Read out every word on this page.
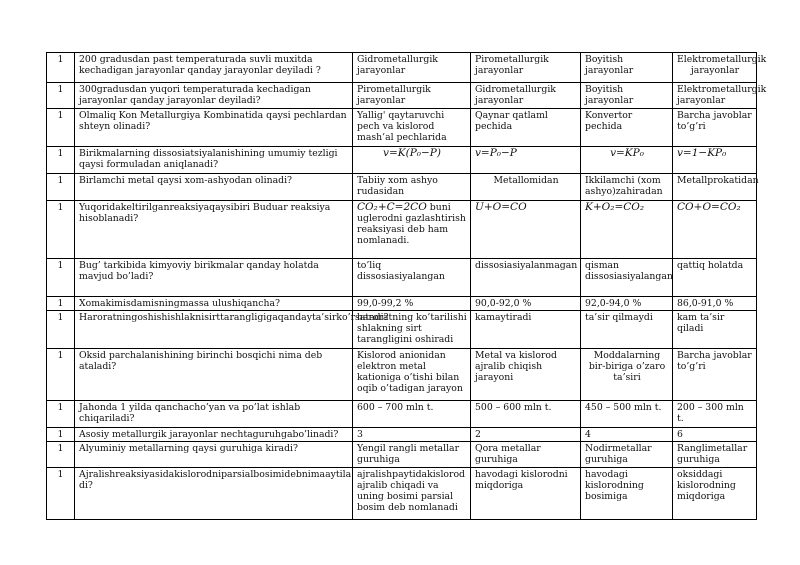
1	200 gradusdan past temperaturada suvli muxitda kechadigan jarayonlar qanday jarayonlar deyiladi ?	Gidrometallurgik jarayonlar	Pirometallurgik jarayonlar	Boyitish jarayonlar	Elektrometallurgik jarayonlar
1	300gradusdan yuqori temperaturada kechadigan jarayonlar qanday jarayonlar deyiladi?	Pirometallurgik jarayonlar	Gidrometallurgik jarayonlar	Boyitish jarayonlar	Elektrometallurgik jarayonlar
1	Olmaliq Kon Metallurgiya Kombinatida qaysi pechlardan shteyn olinadi?	Yallig' qaytaruvchi pech va kislorod mash’al pechlarida	Qaynar qatlaml pechida	Konvertor pechida	Barcha javoblar to’g’ri
1	Birikmalarning dissosiatsiyalanishining umumiy tezligi qaysi formuladan aniqlanadi?	v=K(P₀−P)	v=P₀−P	v=KP₀	v=1−KP₀
1	Birlamchi metal qaysi xom-ashyodan olinadi?	Tabiiy xom ashyo rudasidan	Metallomidan	Ikkilamchi (xom ashyo)zahiradan	Metallprokatidan
1	Yuqoridakeltirilganreaksiyaqaysibiri Buduar reaksiya hisoblanadi?	CO₂+C=2CO buni uglerodni gazlashtirish reaksiyasi deb ham nomlanadi.	U+O=CO	K+O₂=CO₂	CO+O=CO₂
1	Bug’ tarkibida kimyoviy birikmalar qanday holatda mavjud bo’ladi?	to’liq dissosiasiyalangan	dissosiasiyalanmagan	qisman dissosiasiyalangan	qattiq holatda
1	Xomakimisdamisningmassa ulushiqancha?	99,0-99,2 %	90,0-92,0 %	92,0-94,0 %	86,0-91,0 %
1	Haroratningoshishishlaknisirttarangligigaqandayta’sirko’rsatadi?	haroratning ko’tarilishi shlakning sirt tarangligini oshiradi	kamaytiradi	ta’sir qilmaydi	kam ta’sir qiladi
1	Oksid parchalanishining birinchi bosqichi nima deb ataladi?	Kislorod anionidan elektron metal kationiga o’tishi bilan oqib o’tadigan jarayon	Metal va kislorod ajralib chiqish jarayoni	Moddalarning bir-biriga o’zaro ta’siri	Barcha javoblar to’g’ri
1	Jahonda 1 yilda qanchacho’yan va po’lat ishlab chiqariladi?	600 – 700 mln t.	500 – 600 mln t.	450 – 500 mln t.	200 – 300 mln t.
1	Asosiy metallurgik jarayonlar nechtaguruhgabo’linadi?	3	2	4	6
1	Alyuminiy metallarning qaysi guruhiga kiradi?	Yengil rangli metallar guruhiga	Qora metallar guruhiga	Nodirmetallar guruhiga	Ranglimetallar guruhiga
1	Ajralishreaksiyasidakislorodniparsialbosimidebnimaaytila di?	ajralishpaytidakislorod ajralib chiqadi va uning bosimi parsial bosim deb nomlanadi	havodagi kislorodni miqdoriga	havodagi kislorodning bosimiga	oksiddagi kislorodning miqdoriga
